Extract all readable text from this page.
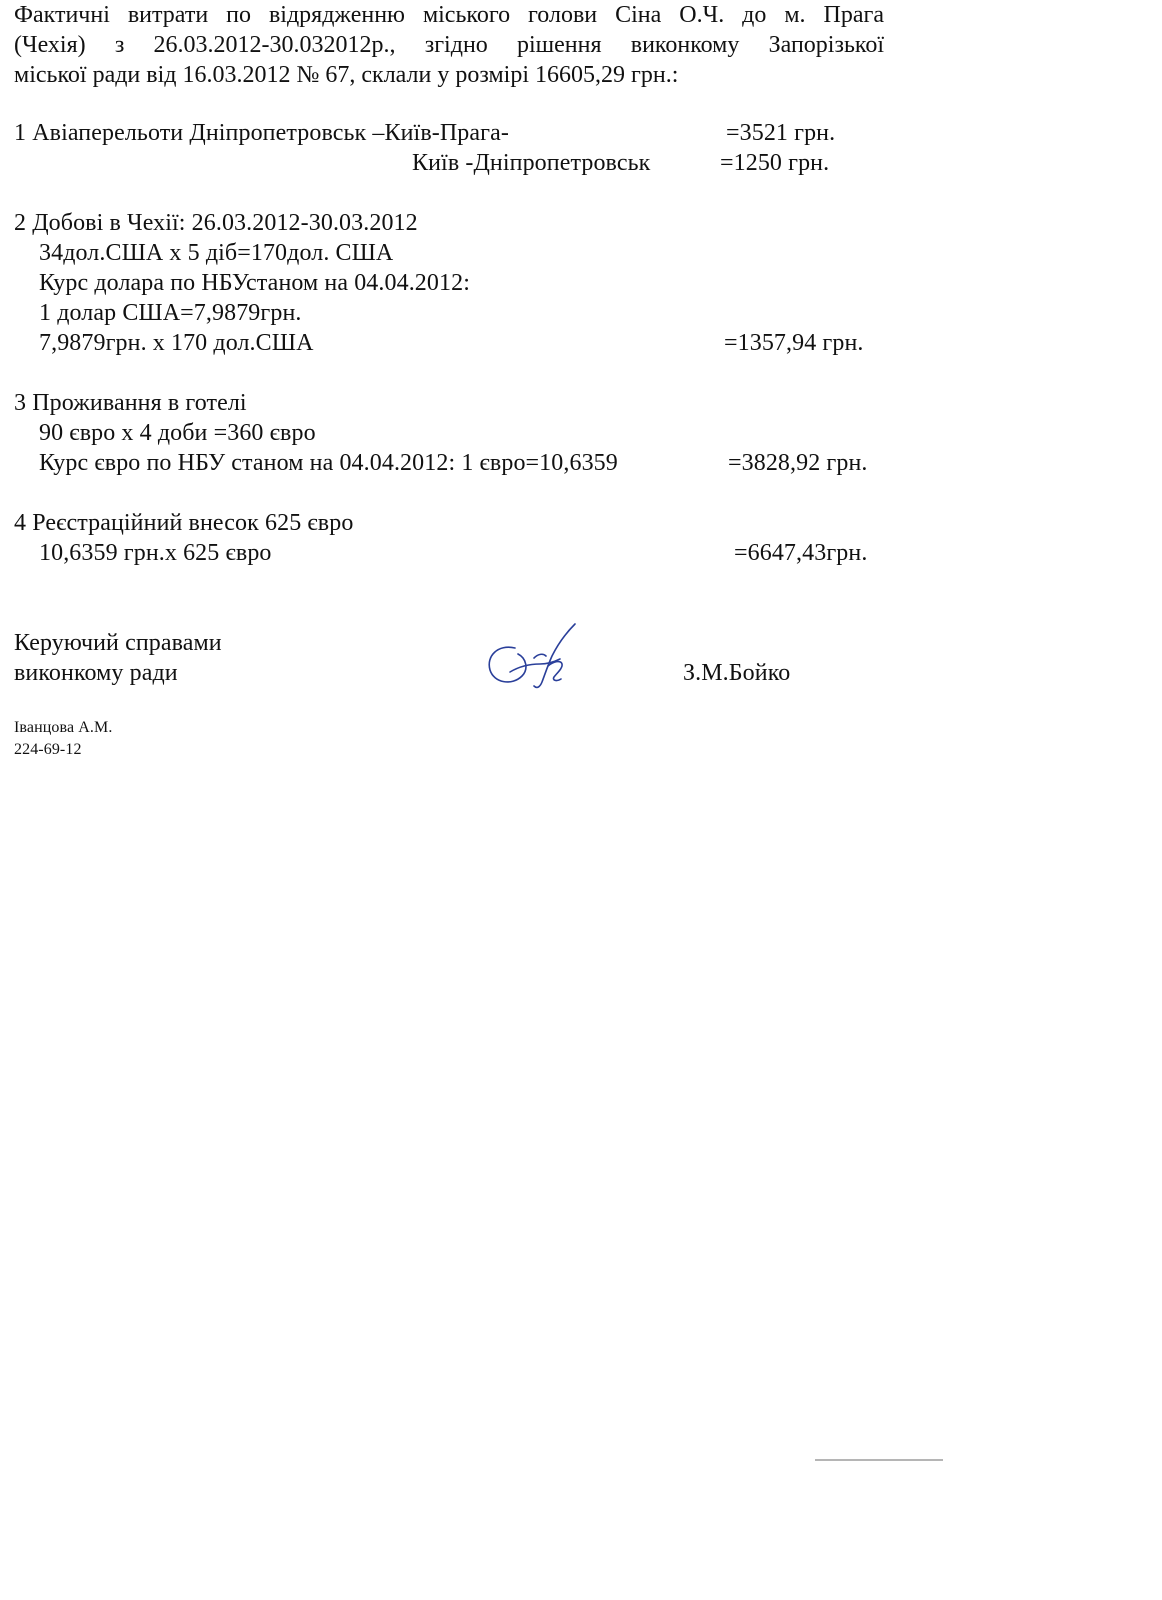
Фактичні витрати по відрядженню міського голови Сіна О.Ч. до м. Прага
(Чехія) з 26.03.2012-30.032012р., згідно рішення виконкому Запорізької
міської ради від 16.03.2012 № 67, склали у розмірі 16605,29 грн.:
1 Авіаперельоти Дніпропетровськ –Київ-Прага-	=3521 грн.
Київ -Дніпропетровськ	=1250 грн.
2 Добові в Чехії: 26.03.2012-30.03.2012
34дол.США х 5 діб=170дол. США
Курс долара по НБУстаном на 04.04.2012:
1 долар США=7,9879грн.
7,9879грн. х 170 дол.США	=1357,94 грн.
3 Проживання в готелі
90 євро х 4 доби =360 євро
Курс євро по НБУ станом на 04.04.2012: 1 євро=10,6359	=3828,92 грн.
4 Реєстраційний внесок 625 євро
10,6359 грн.х 625 євро	=6647,43грн.
Керуючий справами
виконкому ради	З.М.Бойко
Іванцова А.М.
224-69-12
